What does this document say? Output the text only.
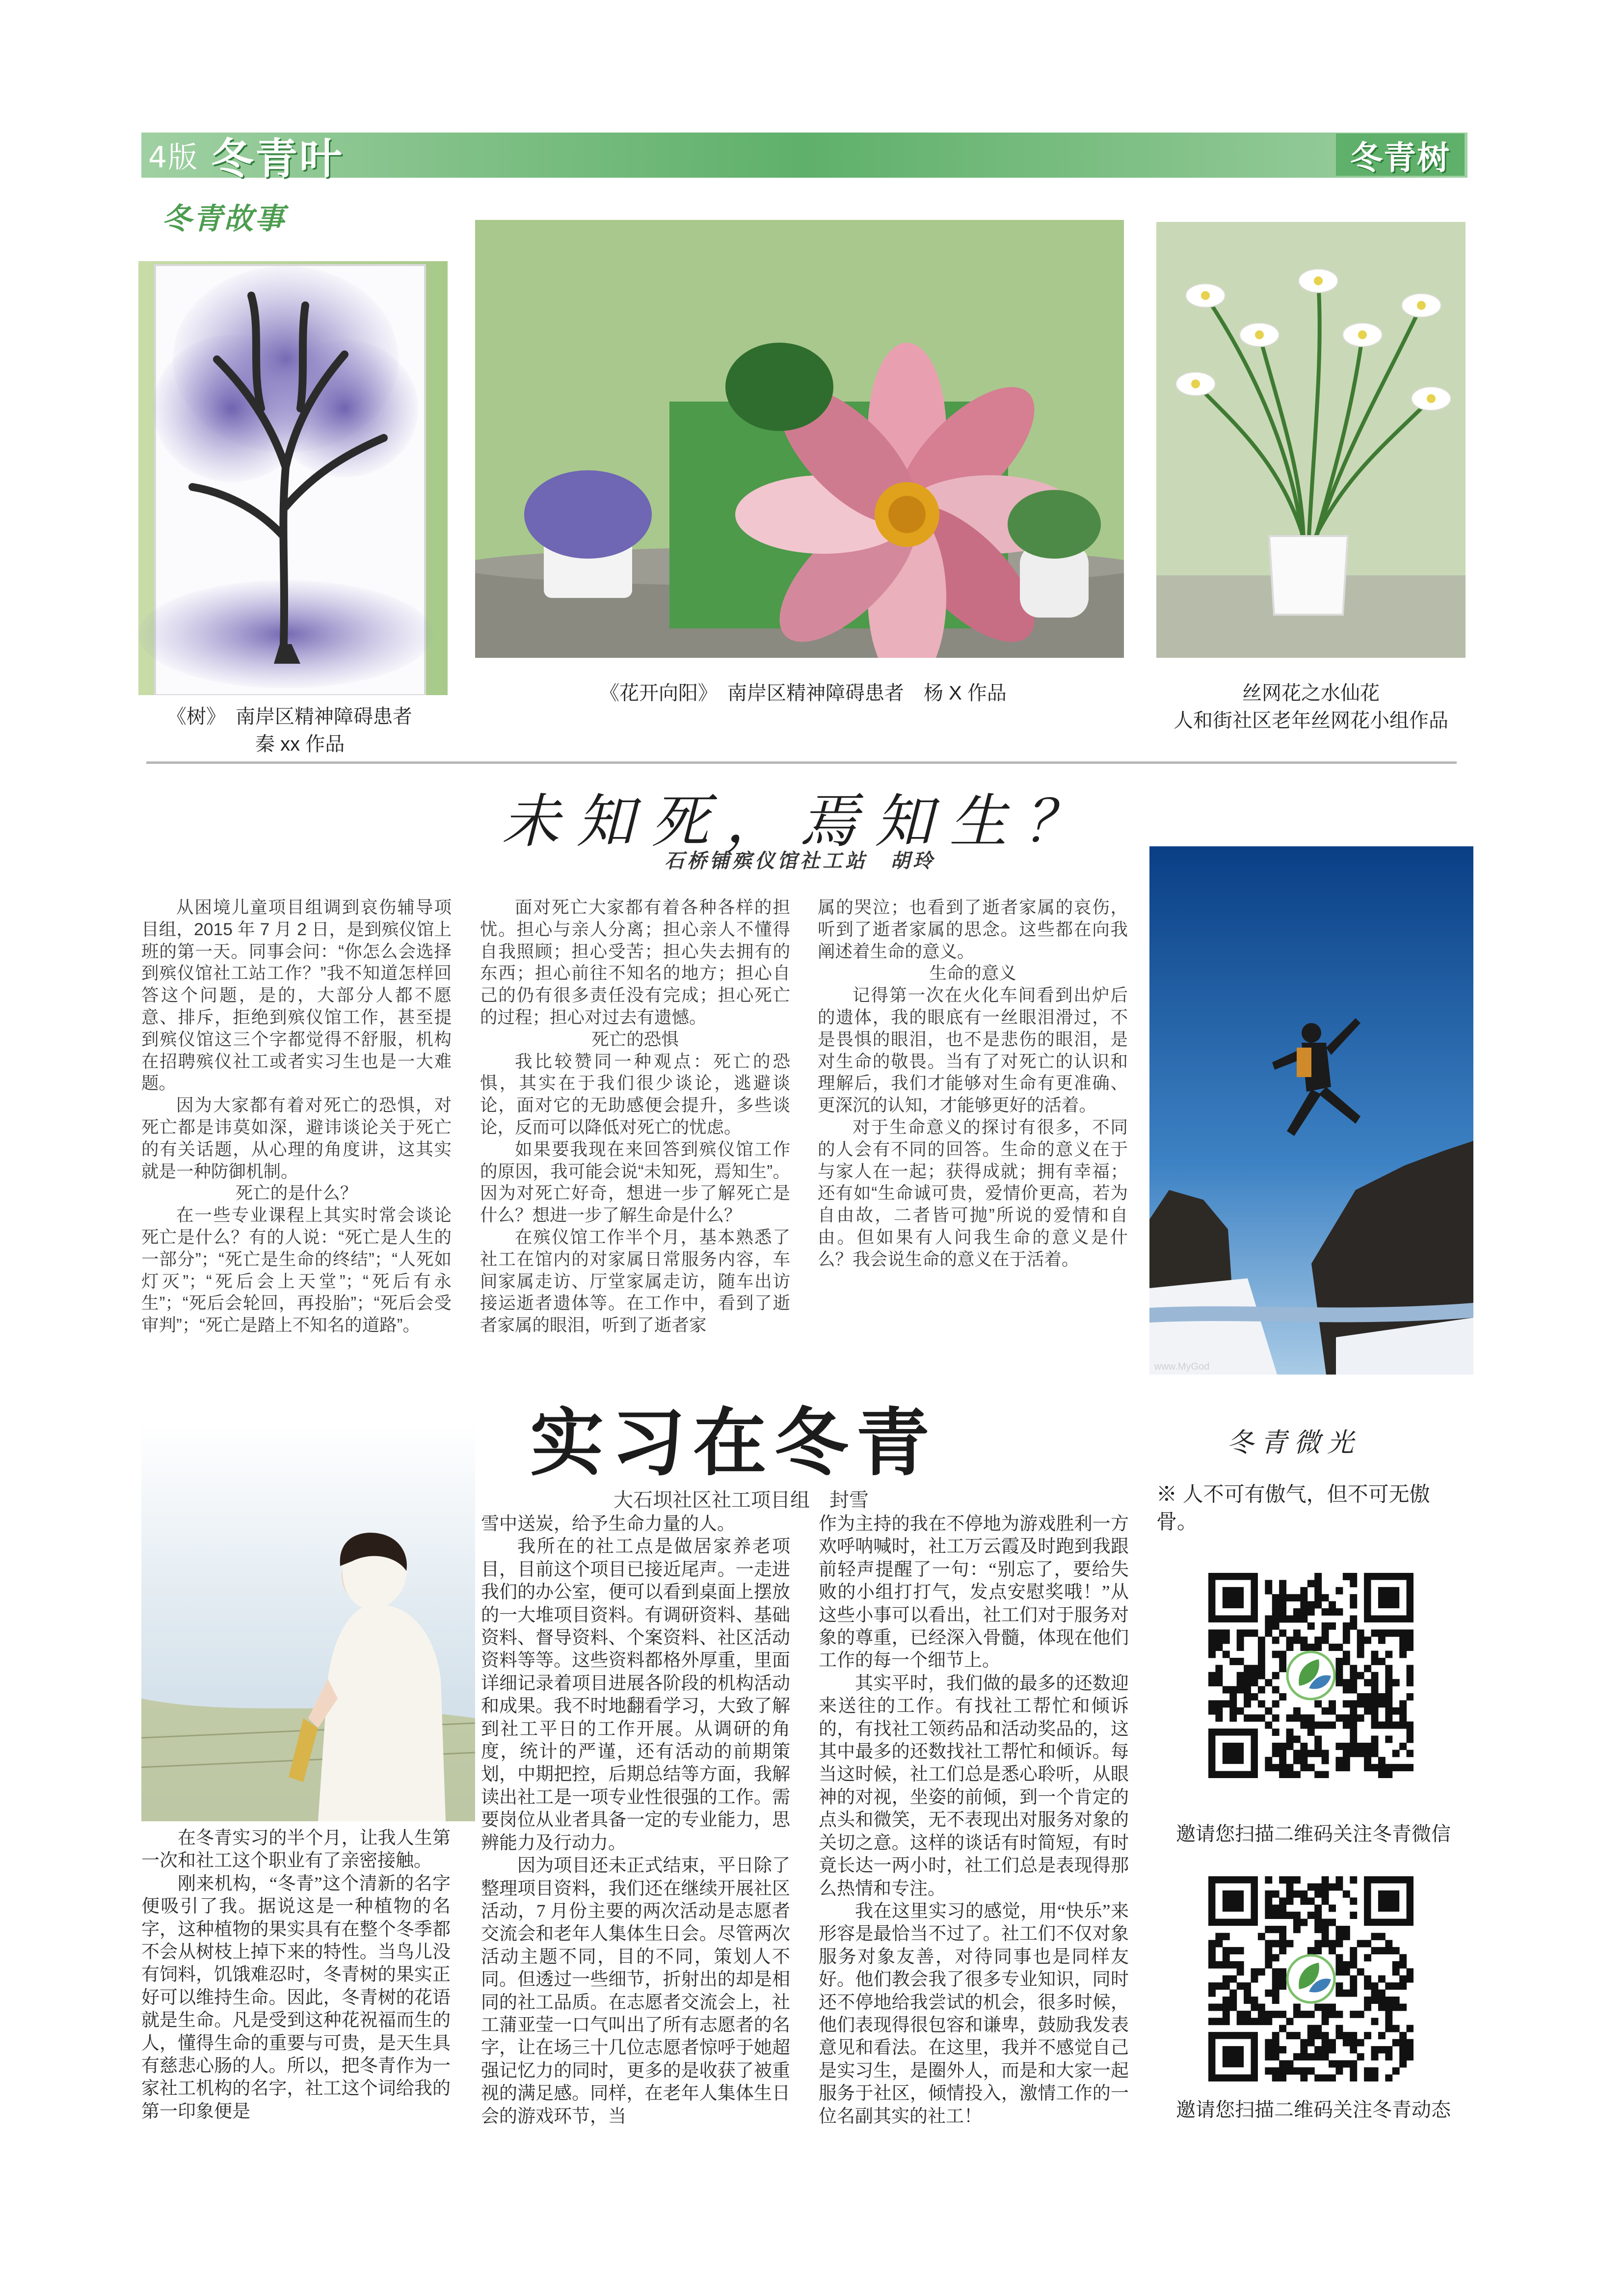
4版 冬青叶	冬青树
冬青故事
《树》　 南岸区精神障碍患者
秦 xx 作品
《花开向阳》　 南岸区精神障碍患者　杨 X 作品	丝网花之水仙花
人和街社区老年丝网花小组作品
未知死，焉知生？
石桥铺殡仪馆社工站　胡玲

从困境儿童项目组调到哀伤辅导项目组，2015 年 7 月 2 日，是到殡仪馆上班的第一天。同事会问：“你怎么会选择到殡仪馆社工站工作？”我不知道怎样回答这个问题，是的，大部分人都不愿意、排斥，拒绝到殡仪馆工作，甚至提到殡仪馆这三个字都觉得不舒服，机构在招聘殡仪社工或者实习生也是一大难题。

因为大家都有着对死亡的恐惧，对死亡都是讳莫如深，避讳谈论关于死亡的有关话题，从心理的角度讲，这其实就是一种防御机制。

死亡的是什么？

在一些专业课程上其实时常会谈论死亡是什么？有的人说：“死亡是人生的一部分”；“死亡是生命的终结”；“人死如灯灭”；“死后会上天堂”；“死后有永生”；“死后会轮回，再投胎”；“死后会受审判”；“死亡是踏上不知名的道路”。

面对死亡大家都有着各种各样的担忧。担心与亲人分离；担心亲人不懂得自我照顾；担心受苦；担心失去拥有的东西；担心前往不知名的地方；担心自己的仍有很多责任没有完成；担心死亡的过程；担心对过去有遗憾。

死亡的恐惧

我比较赞同一种观点：死亡的恐惧，其实在于我们很少谈论，逃避谈论，面对它的无助感便会提升，多些谈论，反而可以降低对死亡的忧虑。

如果要我现在来回答到殡仪馆工作的原因，我可能会说“未知死，焉知生”。因为对死亡好奇，想进一步了解死亡是什么？想进一步了解生命是什么？

在殡仪馆工作半个月，基本熟悉了社工在馆内的对家属日常服务内容，车间家属走访、厅堂家属走访，随车出访接运逝者遗体等。在工作中，看到了逝者家属的眼泪，听到了逝者家

属的哭泣；也看到了逝者家属的哀伤，听到了逝者家属的思念。这些都在向我阐述着生命的意义。

生命的意义

记得第一次在火化车间看到出炉后的遗体，我的眼底有一丝眼泪滑过，不是畏惧的眼泪，也不是悲伤的眼泪，是对生命的敬畏。当有了对死亡的认识和理解后，我们才能够对生命有更准确、更深沉的认知，才能够更好的活着。

对于生命意义的探讨有很多，不同的人会有不同的回答。生命的意义在于与家人在一起；获得成就；拥有幸福；还有如“生命诚可贵，爱情价更高，若为自由故，二者皆可抛”所说的爱情和自由。但如果有人问我生命的意义是什么？我会说生命的意义在于活着。

www.MyGod
实习在冬青
大石坝社区社工项目组　封雪

在冬青实习的半个月，让我人生第一次和社工这个职业有了亲密接触。

刚来机构，“冬青”这个清新的名字便吸引了我。据说这是一种植物的名字，这种植物的果实具有在整个冬季都不会从树枝上掉下来的特性。当鸟儿没有饲料，饥饿难忍时，冬青树的果实正好可以维持生命。因此，冬青树的花语就是生命。凡是受到这种花祝福而生的人，懂得生命的重要与可贵，是天生具有慈悲心肠的人。所以，把冬青作为一家社工机构的名字，社工这个词给我的第一印象便是

雪中送炭，给予生命力量的人。

我所在的社工点是做居家养老项目，目前这个项目已接近尾声。一走进我们的办公室，便可以看到桌面上摆放的一大堆项目资料。有调研资料、基础资料、督导资料、个案资料、社区活动资料等等。这些资料都格外厚重，里面详细记录着项目进展各阶段的机构活动和成果。我不时地翻看学习，大致了解到社工平日的工作开展。从调研的角度，统计的严谨，还有活动的前期策划，中期把控，后期总结等方面，我解读出社工是一项专业性很强的工作。需要岗位从业者具备一定的专业能力，思辨能力及行动力。

因为项目还未正式结束，平日除了整理项目资料，我们还在继续开展社区活动，7 月份主要的两次活动是志愿者交流会和老年人集体生日会。尽管两次活动主题不同，目的不同，策划人不同。但透过一些细节，折射出的却是相同的社工品质。在志愿者交流会上，社工蒲亚莹一口气叫出了所有志愿者的名字，让在场三十几位志愿者惊呼于她超强记忆力的同时，更多的是收获了被重视的满足感。同样，在老年人集体生日会的游戏环节，当

作为主持的我在不停地为游戏胜利一方欢呼呐喊时，社工万云霞及时跑到我跟前轻声提醒了一句：“别忘了，要给失败的小组打打气，发点安慰奖哦！”从这些小事可以看出，社工们对于服务对象的尊重，已经深入骨髓，体现在他们工作的每一个细节上。

其实平时，我们做的最多的还数迎来送往的工作。有找社工帮忙和倾诉的，有找社工领药品和活动奖品的，这其中最多的还数找社工帮忙和倾诉。每当这时候，社工们总是悉心聆听，从眼神的对视，坐姿的前倾，到一个肯定的点头和微笑，无不表现出对服务对象的关切之意。这样的谈话有时简短，有时竟长达一两小时，社工们总是表现得那么热情和专注。

我在这里实习的感觉，用“快乐”来形容是最恰当不过了。社工们不仅对象服务对象友善，对待同事也是同样友好。他们教会我了很多专业知识，同时还不停地给我尝试的机会，很多时候，他们表现得很包容和谦卑，鼓励我发表意见和看法。在这里，我并不感觉自己是实习生，是圈外人，而是和大家一起服务于社区，倾情投入，激情工作的一位名副其实的社工！

冬青微光
※ 人不可有傲气，但不可无傲骨。
邀请您扫描二维码关注冬青微信
邀请您扫描二维码关注冬青动态
